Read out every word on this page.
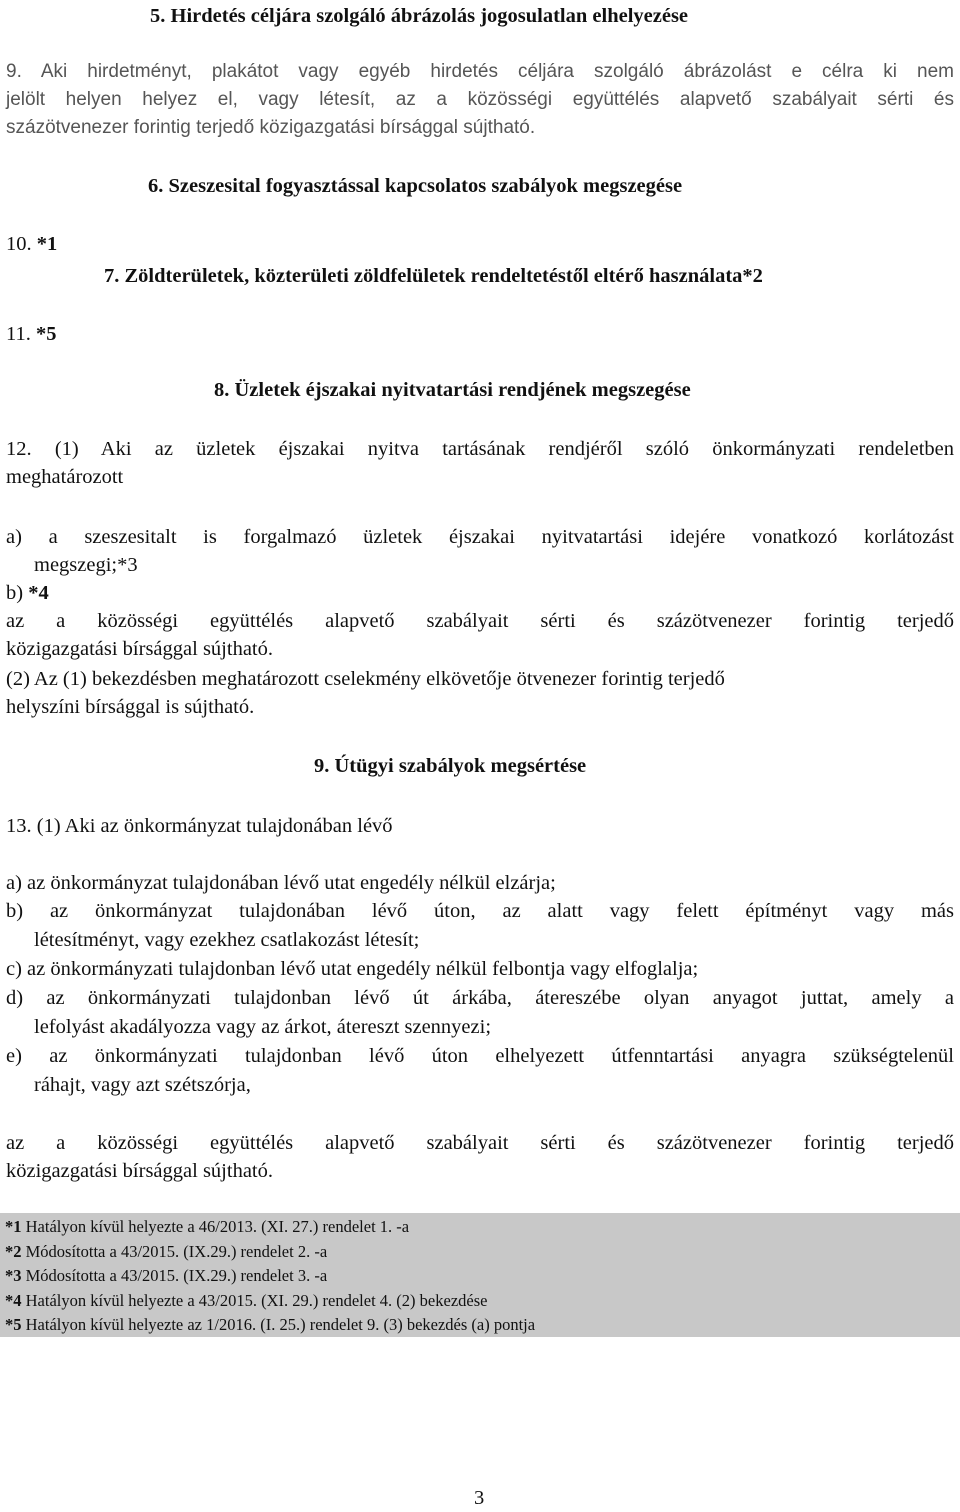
5. Hirdetés céljára szolgáló ábrázolás jogosulatlan elhelyezése
9. Aki hirdetményt, plakátot vagy egyéb hirdetés céljára szolgáló ábrázolást e célra ki nem
jelölt helyen helyez el, vagy létesít, az a közösségi együttélés alapvető szabályait sérti és
százötvenezer forintig terjedő közigazgatási bírsággal sújtható.
6. Szeszesital fogyasztással kapcsolatos szabályok megszegése
10. *1
7. Zöldterületek, közterületi zöldfelületek rendeltetéstől eltérő használata*2
11. *5
8. Üzletek éjszakai nyitvatartási rendjének megszegése
12. (1) Aki az üzletek éjszakai nyitva tartásának rendjéről szóló önkormányzati rendeletben
meghatározott
a) a szeszesitalt is forgalmazó üzletek éjszakai nyitvatartási idejére vonatkozó korlátozást
megszegi;*3
b) *4
az a közösségi együttélés alapvető szabályait sérti és százötvenezer forintig terjedő
közigazgatási bírsággal sújtható.
(2) Az (1) bekezdésben meghatározott cselekmény elkövetője ötvenezer forintig terjedő
helyszíni bírsággal is sújtható.
9. Útügyi szabályok megsértése
13. (1) Aki az önkormányzat tulajdonában lévő
a) az önkormányzat tulajdonában lévő utat engedély nélkül elzárja;
b) az önkormányzat tulajdonában lévő úton, az alatt vagy felett építményt vagy más
létesítményt, vagy ezekhez csatlakozást létesít;
c) az önkormányzati tulajdonban lévő utat engedély nélkül felbontja vagy elfoglalja;
d) az önkormányzati tulajdonban lévő út árkába, átereszébe olyan anyagot juttat, amely a
lefolyást akadályozza vagy az árkot, átereszt szennyezi;
e) az önkormányzati tulajdonban lévő úton elhelyezett útfenntartási anyagra szükségtelenül
ráhajt, vagy azt szétszórja,
az a közösségi együttélés alapvető szabályait sérti és százötvenezer forintig terjedő
közigazgatási bírsággal sújtható.
*1 Hatályon kívül helyezte a 46/2013. (XI. 27.) rendelet 1. -a
*2 Módosította a 43/2015. (IX.29.) rendelet 2. -a
*3 Módosította a 43/2015. (IX.29.) rendelet 3. -a
*4 Hatályon kívül helyezte a 43/2015. (XI. 29.) rendelet 4. (2) bekezdése
*5 Hatályon kívül helyezte az 1/2016. (I. 25.) rendelet 9. (3) bekezdés (a) pontja
3
